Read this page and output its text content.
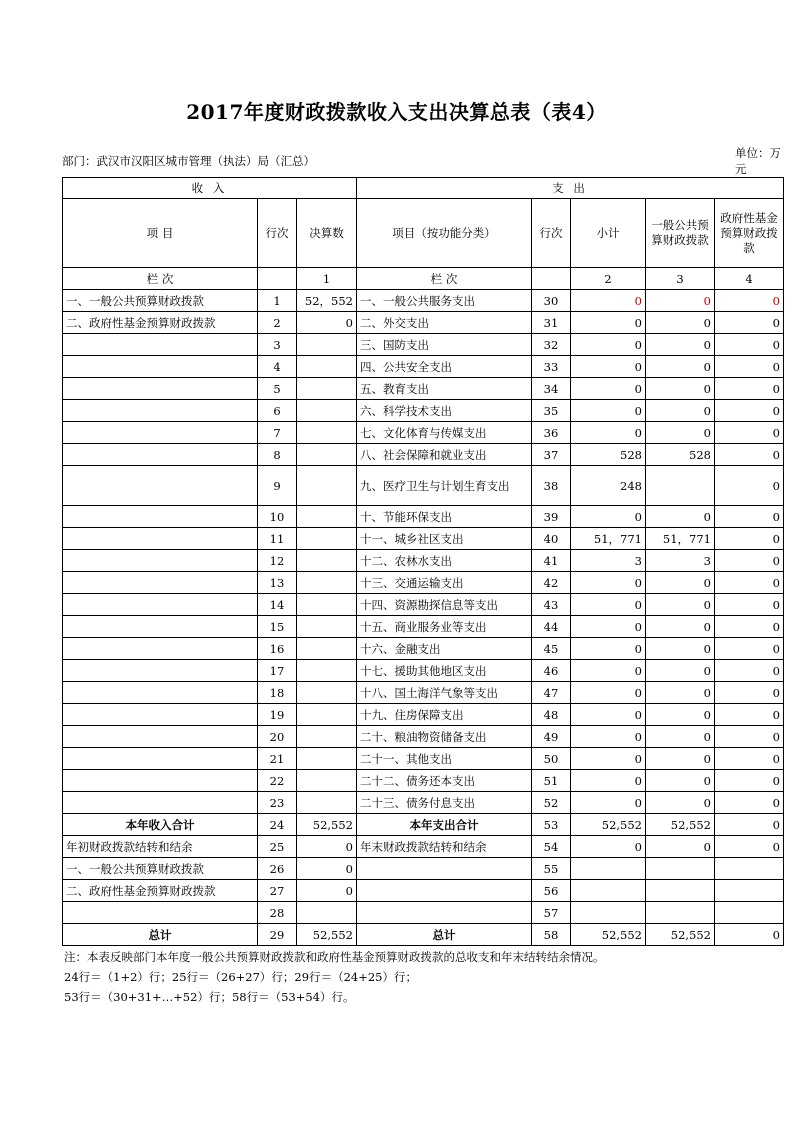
2017年度财政拨款收入支出决算总表（表4）
部门：武汉市汉阳区城市管理（执法）局（汇总）
单位：万元
收 入			支 出				
项 目	行次	决算数	项目（按功能分类）	行次	小计	一般公共预算财政拨款	政府性基金预算财政拨款
栏 次		1	栏 次		2	3	4
一、一般公共预算财政拨款	1	52，552	一、一般公共服务支出	30	0	0	0
二、政府性基金预算财政拨款	2	0	二、外交支出	31	0	0	0
	3		三、国防支出	32	0	0	0
	4		四、公共安全支出	33	0	0	0
	5		五、教育支出	34	0	0	0
	6		六、科学技术支出	35	0	0	0
	7		七、文化体育与传媒支出	36	0	0	0
	8		八、社会保障和就业支出	37	528	528	0
	9		九、医疗卫生与计划生育支出	38	248		0
	10		十、节能环保支出	39	0	0	0
	11		十一、城乡社区支出	40	51，771	51，771	0
	12		十二、农林水支出	41	3	3	0
	13		十三、交通运输支出	42	0	0	0
	14		十四、资源勘探信息等支出	43	0	0	0
	15		十五、商业服务业等支出	44	0	0	0
	16		十六、金融支出	45	0	0	0
	17		十七、援助其他地区支出	46	0	0	0
	18		十八、国土海洋气象等支出	47	0	0	0
	19		十九、住房保障支出	48	0	0	0
	20		二十、粮油物资储备支出	49	0	0	0
	21		二十一、其他支出	50	0	0	0
	22		二十二、债务还本支出	51	0	0	0
	23		二十三、债务付息支出	52	0	0	0
本年收入合计	24	52,552	本年支出合计	53	52,552	52,552	0
年初财政拨款结转和结余	25	0	年末财政拨款结转和结余	54	0	0	0
一、一般公共预算财政拨款	26	0		55			
二、政府性基金预算财政拨款	27	0		56			
	28			57			
总计	29	52,552	总计	58	52,552	52,552	0
注：本表反映部门本年度一般公共预算财政拨款和政府性基金预算财政拨款的总收支和年末结转结余情况。
24行＝（1+2）行；25行＝（26+27）行；29行＝（24+25）行；
53行＝（30+31+…+52）行；58行＝（53+54）行。
